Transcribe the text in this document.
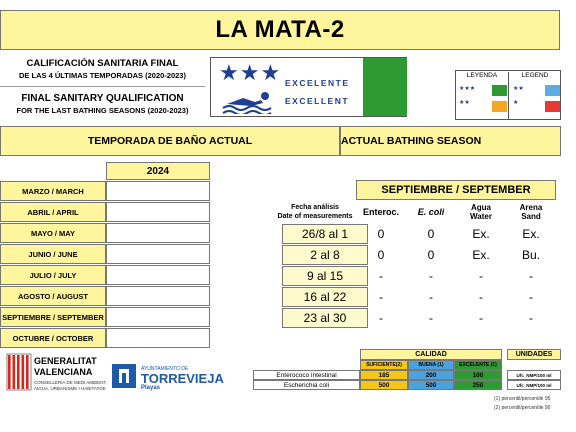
LA MATA-2
CALIFICACIÓN SANITARIA FINAL
DE LAS 4 ÚLTIMAS TEMPORADAS (2020-2023)
FINAL SANITARY QUALIFICATION
FOR THE LAST BATHING SEASONS (2020-2023)
★★★ EXCELENTE
EXCELLENT
LEYENDA	LEGEND
★★★
★★
★★
★
TEMPORADA DE BAÑO ACTUAL	ACTUAL BATHING SEASON
2024
MARZO / MARCH
ABRIL / APRIL
MAYO / MAY
JUNIO / JUNE
JULIO / JULY
AGOSTO / AUGUST
SEPTIEMBRE / SEPTEMBER
OCTUBRE / OCTOBER
SEPTIEMBRE / SEPTEMBER
Fecha análisis
Date of measurements	Enteroc.	E. coli	Agua
Water
Arena
Sand
26/8 al 1	0	0	Ex.	Ex.
2 al 8	0	0	Ex.	Bu.
9 al 15	-	-	-	-
16 al 22	-	-	-	-
23 al 30	-	-	-	-
GENERALITAT
VALENCIANA
CONSELLERIA DE MEDI AMBIENT,
AIGUA, URBANISME I HABITATGE
AYUNTAMIENTO DE
TORREVIEJA
Playas
CALIDAD	UNIDADES
SUFICIENTE(2)	BUENA (1)	EXCELENTE (1)
Enterococo intestinal	185	200	100	Ufc_NMP/100 ml
Escherichia coli	500	500	250	Ufc_NMP/100 ml
(1) percentil/percentile 95
(2) percentil/percentile 90
